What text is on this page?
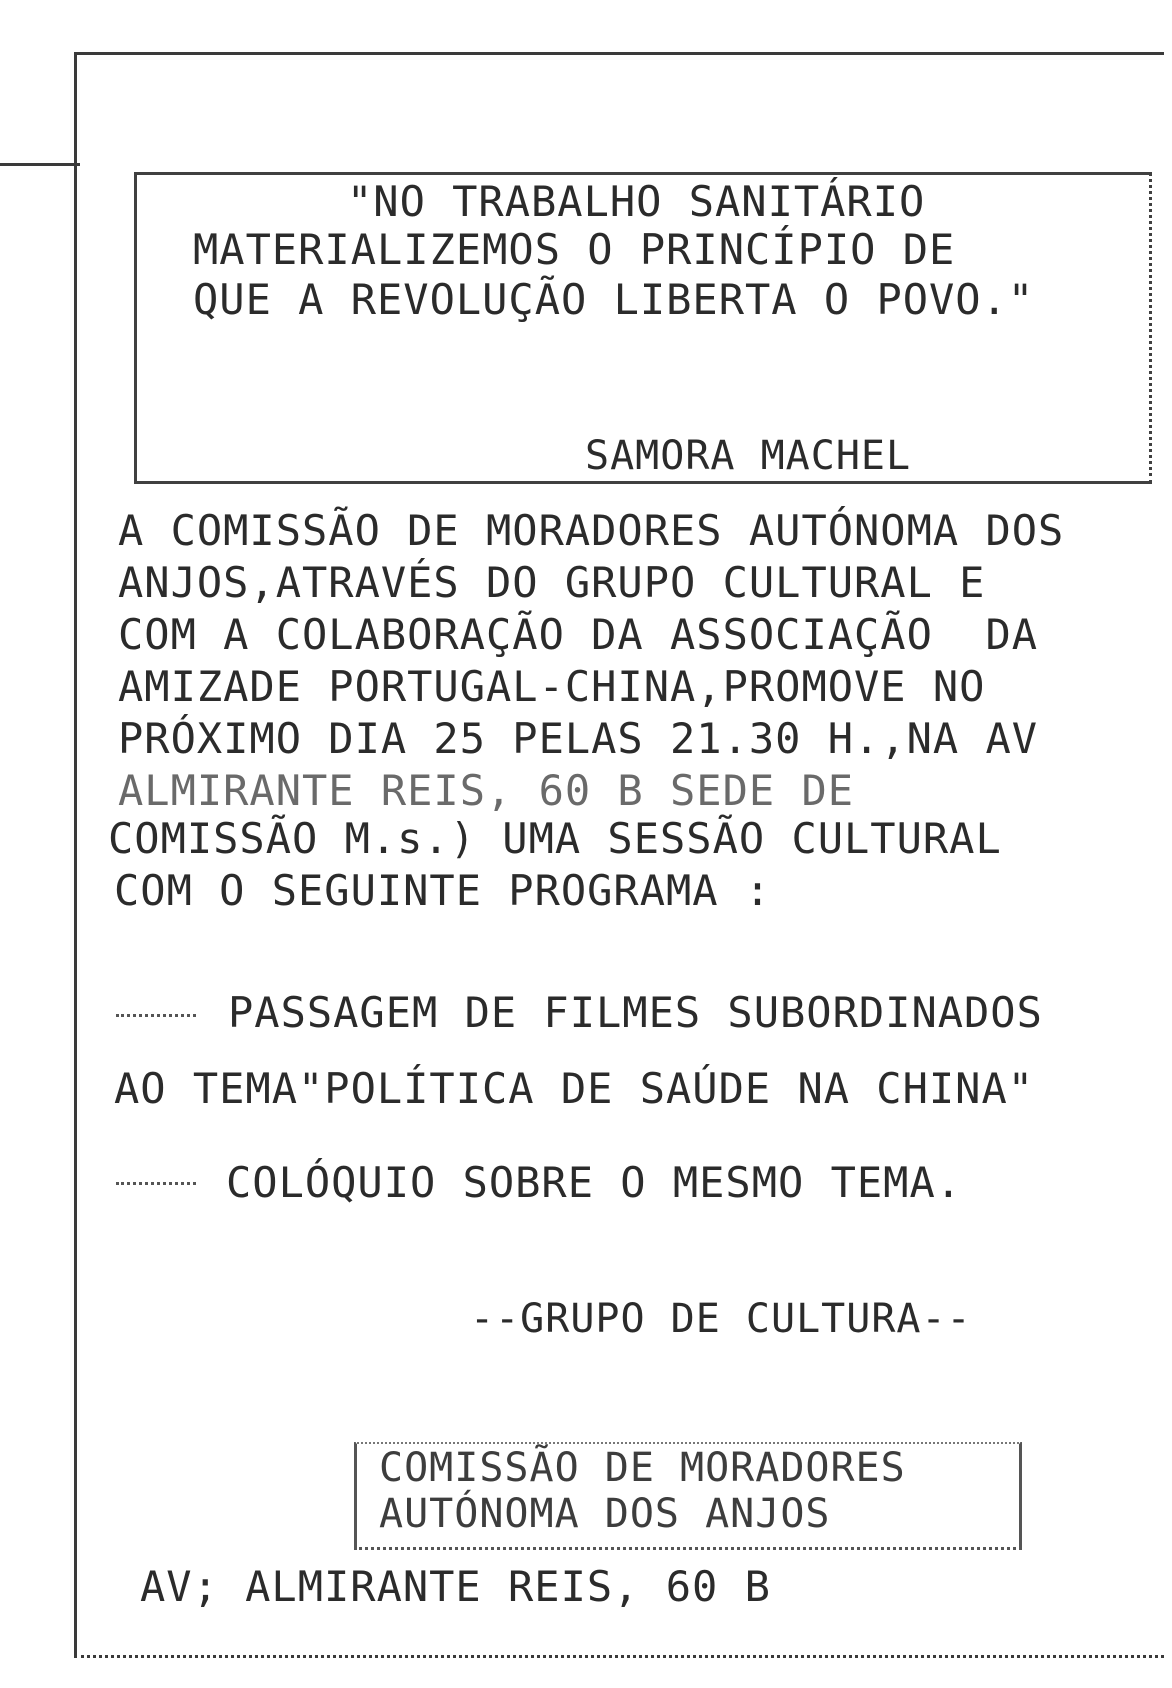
"NO TRABALHO SANITÁRIO
MATERIALIZEMOS O PRINCÍPIO DE
QUE A REVOLUÇÃO LIBERTA O POVO."
SAMORA MACHEL
A COMISSÃO DE MORADORES AUTÓNOMA DOS
ANJOS,ATRAVÉS DO GRUPO CULTURAL E
COM A COLABORAÇÃO DA ASSOCIAÇÃO  DA
AMIZADE PORTUGAL-CHINA,PROMOVE NO
PRÓXIMO DIA 25 PELAS 21.30 H.,NA AV
ALMIRANTE REIS, 60 B SEDE DE
COMISSÃO M.s.) UMA SESSÃO CULTURAL
COM O SEGUINTE PROGRAMA :
PASSAGEM DE FILMES SUBORDINADOS
AO TEMA"POLÍTICA DE SAÚDE NA CHINA"
COLÓQUIO SOBRE O MESMO TEMA.
--GRUPO DE CULTURA--
COMISSÃO DE MORADORES
AUTÓNOMA DOS ANJOS
AV; ALMIRANTE REIS, 60 B
